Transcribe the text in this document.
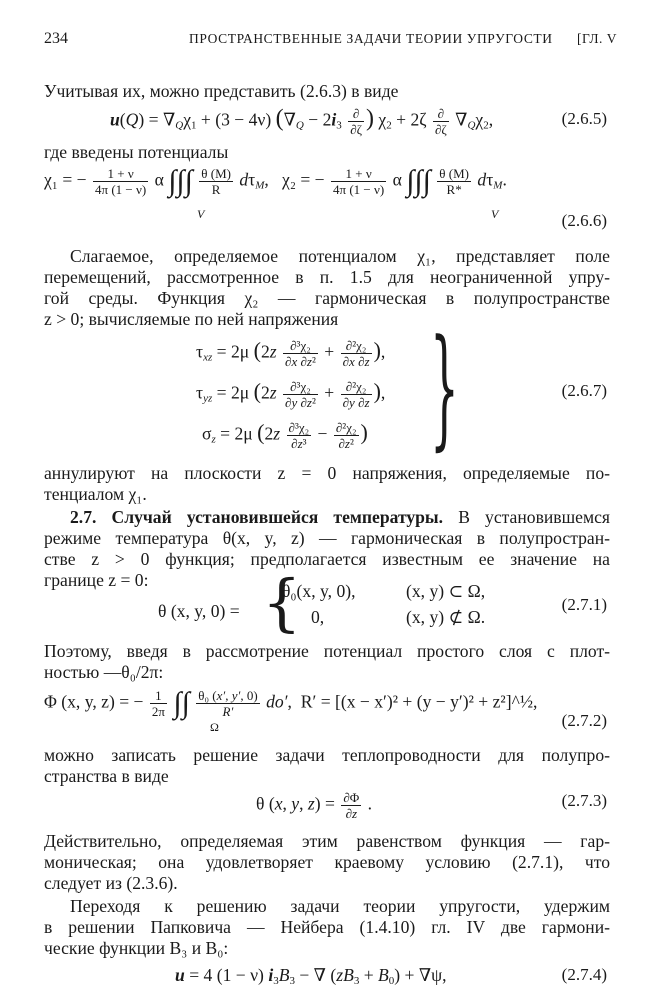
234	ПРОСТРАНСТВЕННЫЕ ЗАДАЧИ ТЕОРИИ УПРУГОСТИ [ГЛ. V
Учитывая их, можно представить (2.6.3) в виде
$u(Q) = \nabla_Q\chi_1 + (3 - 4\nu) (\nabla_Q - 2i_3 \frac{\partial}{\partial\zeta}$ ) $\chi_2 + 2\zeta \frac{\partial}{\partial\zeta} \nabla_Q\chi_2$,	(2.6.5)
где введены потенциалы
χ₁ = − $\frac{1 + \nu}{4\pi (1 - \nu)}$ α ∫∫∫ $\frac{\theta (M)}{R} d\tau_M$,   χ₂ = − $\frac{1 + \nu}{4\pi (1 - \nu)}$ α ∫∫∫ $\frac{\theta (M)}{R*} d\tau_M$.
V	V	(2.6.6)
Слагаемое, определяемое потенциалом χ₁, представляет поле
перемещений, рассмотренное в п. 1.5 для неограниченной упру-
гой среды. Функция χ₂ — гармоническая в полупространстве
z > 0; вычисляемые по ней напряжения
$\tau_{xz} = 2\mu$ ($2z \frac{\text{∂³χ₂}}{\text{∂x ∂z²}} + \frac{\text{∂²χ₂}}{\partial x \partial z}$ ),
$\tau_{yz} = 2\mu$ ($2z \frac{\text{∂³χ₂}}{\text{∂y ∂z²}} + \frac{\text{∂²χ₂}}{\partial y \partial z}$ ),
$\sigma_z = 2\mu$ ($2z \frac{\text{∂³χ₂}}{\text{∂z³}} - \frac{\text{∂²χ₂}}{\text{∂z²}}$ ) }	(2.6.7)
аннулируют на плоскости z = 0 напряжения, определяемые по-
тенциалом χ₁.
2.7. Случай установившейся температуры. В установившемся
режиме температура θ(x, y, z) — гармоническая в полупростран-
стве z > 0 функция; предполагается известным ее значение на
границе z = 0:
θ (x, y, 0) = {
θ₀(x, y, 0),	(x, y) ⊂ Ω,
0,	(x, y) ⊄ Ω.
(2.7.1)
Поэтому, введя в рассмотрение потенциал простого слоя с плот-
ностью —θ₀/2π:
Φ (x, y, z) = − $\frac{1}{2\pi}$ ∫∫ $\frac{\text{θ₀ (x′, y′, 0)}}{R'} do'$,  R′ = [(x − x′)² + (y − y′)² + z²]^½,
Ω	(2.7.2)
можно записать решение задачи теплопроводности для полупро-
странства в виде
θ (x, y, $z) = \frac{\partial\Phi}{\partial z}$ .	(2.7.3)
Действительно, определяемая этим равенством функция — гар-
моническая; она удовлетворяет краевому условию (2.7.1), что
следует из (2.3.6).
Переходя к решению задачи теории упругости, удержим
в решении Папковича — Нейбера (1.4.10) гл. IV две гармони-
ческие функции B₃ и B₀:
u = 4 (1 − ν) $i_3B_3$ − ∇ $(zB_3 + B_0) + \nabla\psi$,	(2.7.4)
